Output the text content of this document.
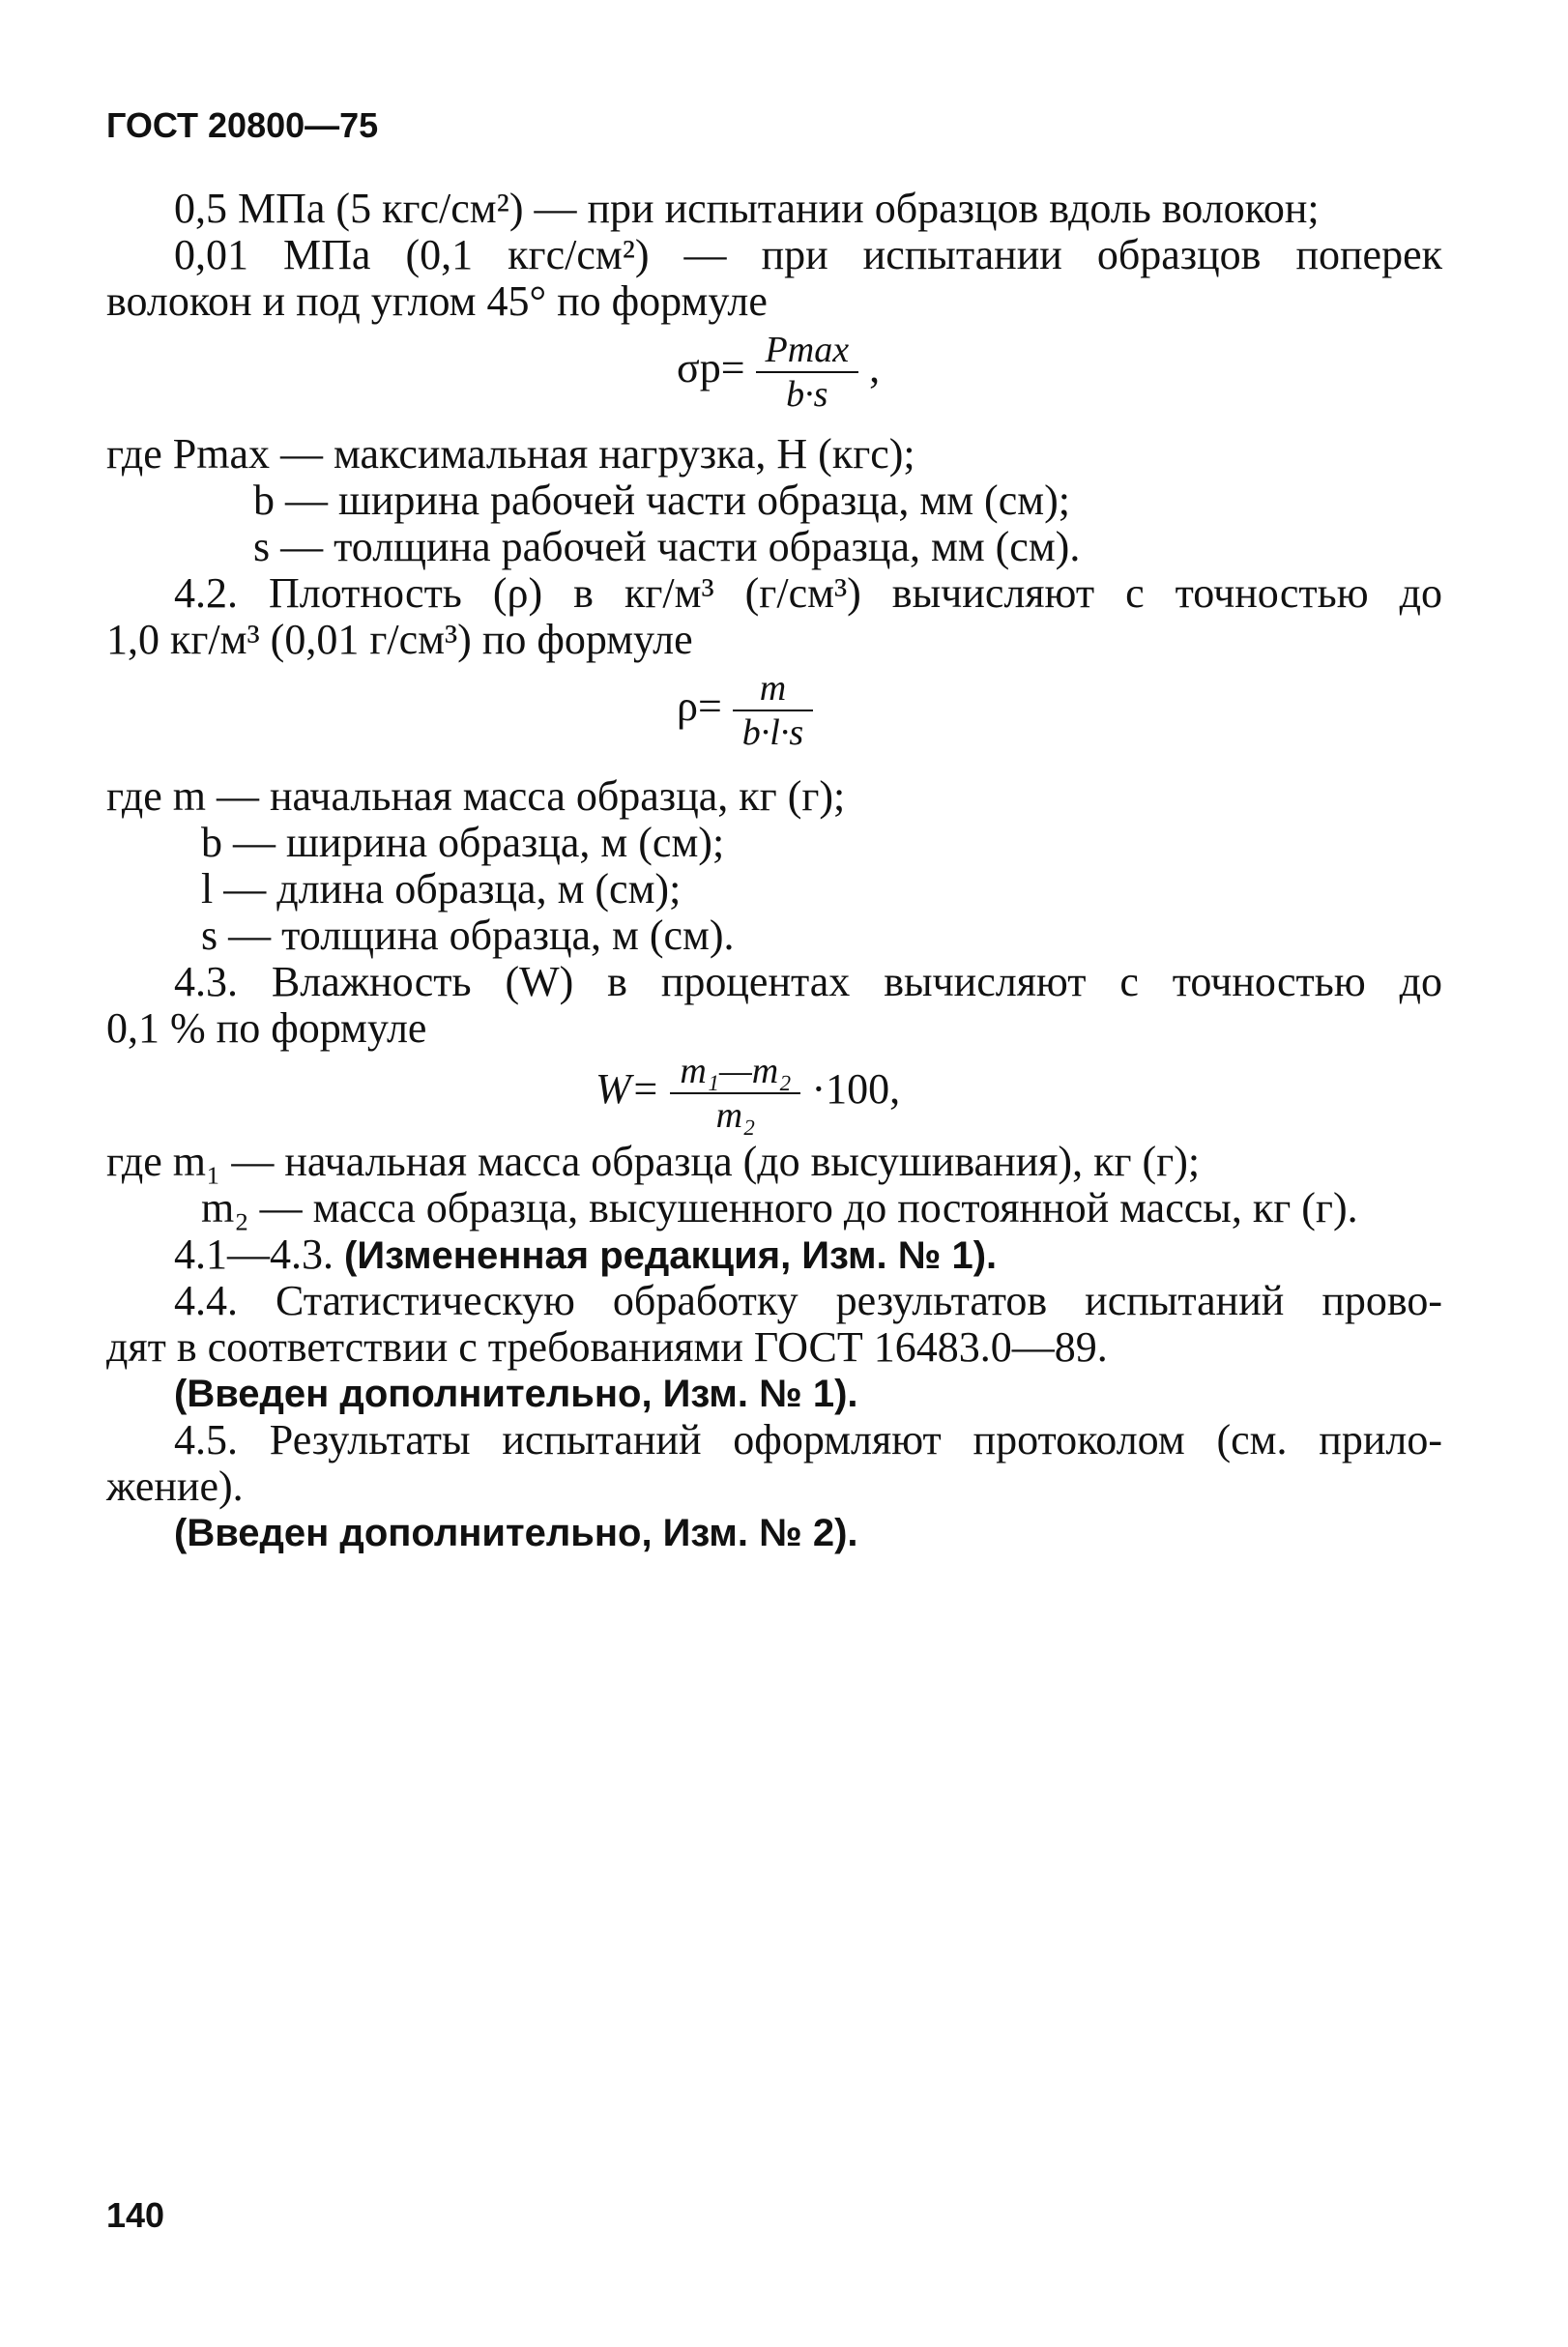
ГОСТ 20800—75
0,5 МПа (5 кгс/см²) — при испытании образцов вдоль волокон;
0,01 МПа (0,1 кгс/см²) — при испытании образцов поперек
волокон и под углом 45° по формуле
$\sigma р= \frac{Pmax}{b\cdot s}$ ,
где Pmax — максимальная нагрузка, Н (кгс);
b — ширина рабочей части образца, мм (см);
s — толщина рабочей части образца, мм (см).
4.2. Плотность (ρ) в кг/м³ (г/см³) вычисляют с точностью до
1,0 кг/м³ (0,01 г/см³) по формуле
$\rho= \frac{m}{b\cdot l\cdot s}$
где m — начальная масса образца, кг (г);
b — ширина образца, м (см);
l — длина образца, м (см);
s — толщина образца, м (см).
4.3. Влажность (W) в процентах вычисляют с точностью до
0,1 % по формуле
$W= \frac{\text{m₁—m₂}}{\text{m₂}} \cdot 100$,
где m₁ — начальная масса образца (до высушивания), кг (г);
m₂ — масса образца, высушенного до постоянной массы, кг (г).
4.1—4.3. (Измененная редакция, Изм. № 1).
4.4. Статистическую обработку результатов испытаний прово-
дят в соответствии с требованиями ГОСТ 16483.0—89.
(Введен дополнительно, Изм. № 1).
4.5. Результаты испытаний оформляют протоколом (см. прило-
жение).
(Введен дополнительно, Изм. № 2).
140
